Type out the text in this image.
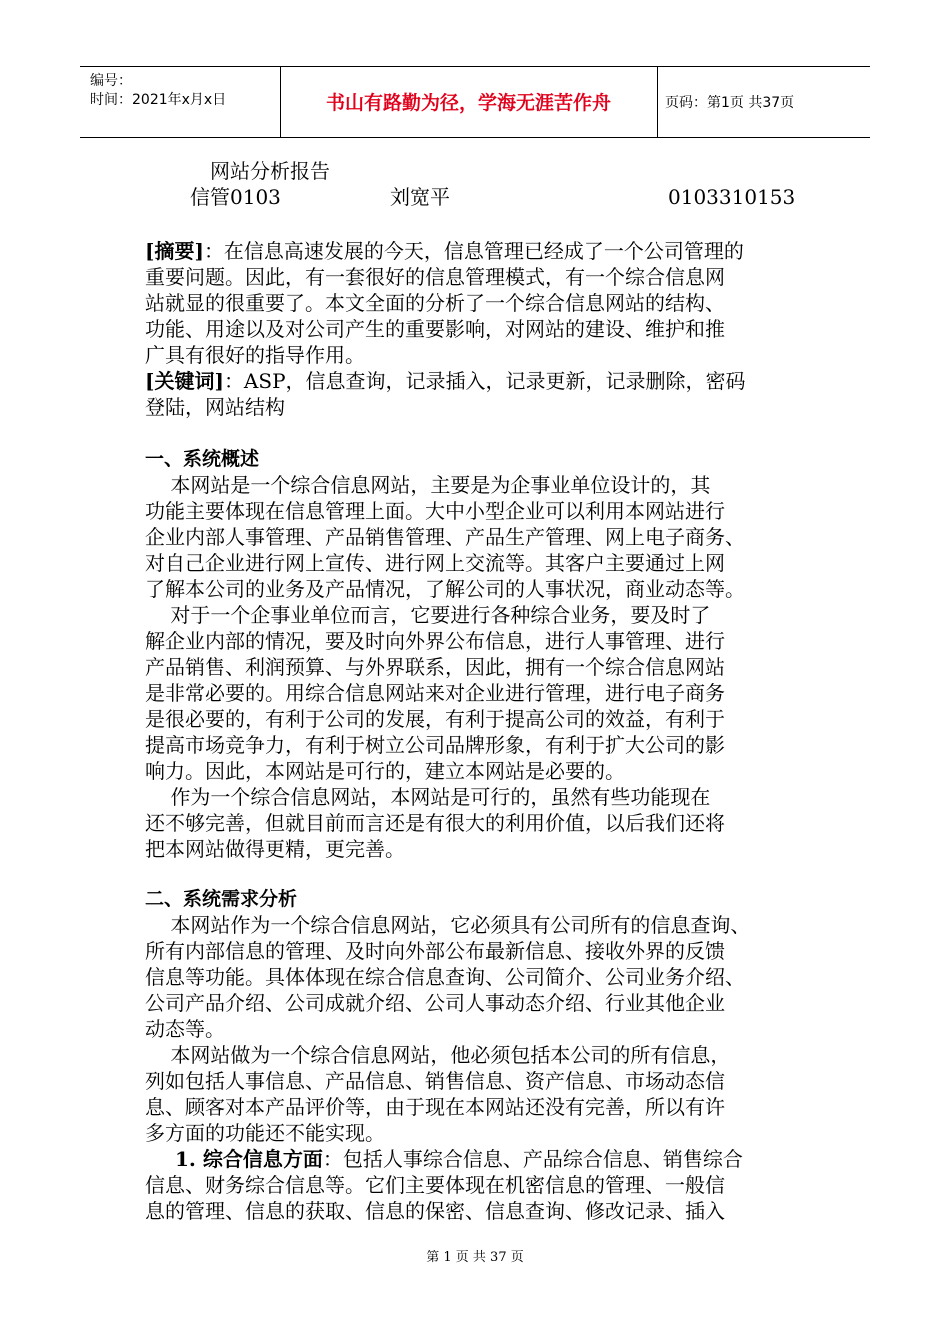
编号：
时间：2021年x月x日	书山有路勤为径，学海无涯苦作舟	页码：第1页 共37页
网站分析报告
信管0103	刘宽平	0103310153
[摘要]：在信息高速发展的今天，信息管理已经成了一个公司管理的
重要问题。因此，有一套很好的信息管理模式，有一个综合信息网
站就显的很重要了。本文全面的分析了一个综合信息网站的结构、
功能、用途以及对公司产生的重要影响，对网站的建设、维护和推
广具有很好的指导作用。
[关键词]：ASP，信息查询，记录插入，记录更新，记录删除，密码
登陆，网站结构
一、系统概述
本网站是一个综合信息网站，主要是为企事业单位设计的，其
功能主要体现在信息管理上面。大中小型企业可以利用本网站进行
企业内部人事管理、产品销售管理、产品生产管理、网上电子商务、
对自己企业进行网上宣传、进行网上交流等。其客户主要通过上网
了解本公司的业务及产品情况，了解公司的人事状况，商业动态等。
对于一个企事业单位而言，它要进行各种综合业务，要及时了
解企业内部的情况，要及时向外界公布信息，进行人事管理、进行
产品销售、利润预算、与外界联系，因此，拥有一个综合信息网站
是非常必要的。用综合信息网站来对企业进行管理，进行电子商务
是很必要的，有利于公司的发展，有利于提高公司的效益，有利于
提高市场竞争力，有利于树立公司品牌形象，有利于扩大公司的影
响力。因此，本网站是可行的，建立本网站是必要的。
作为一个综合信息网站，本网站是可行的，虽然有些功能现在
还不够完善，但就目前而言还是有很大的利用价值，以后我们还将
把本网站做得更精，更完善。
二、系统需求分析
本网站作为一个综合信息网站，它必须具有公司所有的信息查询、
所有内部信息的管理、及时向外部公布最新信息、接收外界的反馈
信息等功能。具体体现在综合信息查询、公司简介、公司业务介绍、
公司产品介绍、公司成就介绍、公司人事动态介绍、行业其他企业
动态等。
本网站做为一个综合信息网站，他必须包括本公司的所有信息，
列如包括人事信息、产品信息、销售信息、资产信息、市场动态信
息、顾客对本产品评价等，由于现在本网站还没有完善，所以有许
多方面的功能还不能实现。
1. 综合信息方面：包括人事综合信息、产品综合信息、销售综合
信息、财务综合信息等。它们主要体现在机密信息的管理、一般信
息的管理、信息的获取、信息的保密、信息查询、修改记录、插入
第 1 页 共 37 页
